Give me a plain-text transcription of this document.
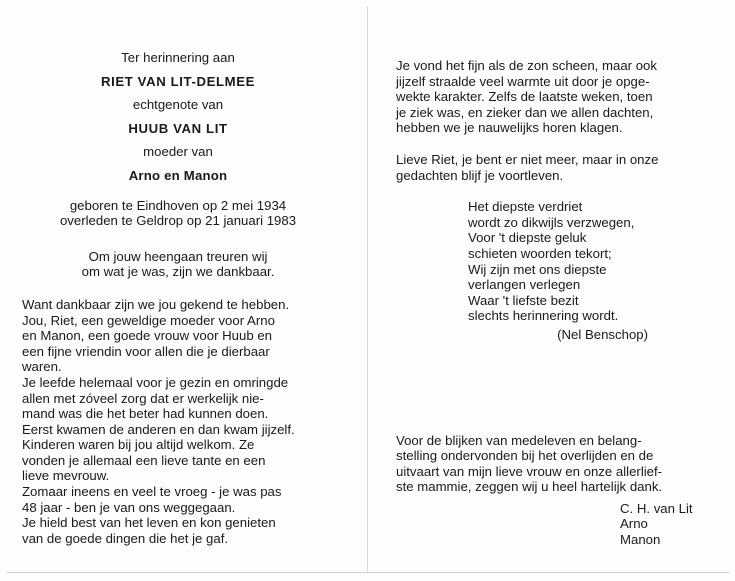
Ter herinnering aan
RIET VAN LIT-DELMEE
echtgenote van
HUUB VAN LIT
moeder van
Arno en Manon
geboren te Eindhoven op 2 mei 1934
overleden te Geldrop op 21 januari 1983
Om jouw heengaan treuren wij
om wat je was, zijn we dankbaar.
Want dankbaar zijn we jou gekend te hebben.
Jou, Riet, een geweldige moeder voor Arno
en Manon, een goede vrouw voor Huub en
een fijne vriendin voor allen die je dierbaar
waren.
Je leefde helemaal voor je gezin en omringde
allen met zóveel zorg dat er werkelijk nie-
mand was die het beter had kunnen doen.
Eerst kwamen de anderen en dan kwam jijzelf.
Kinderen waren bij jou altijd welkom. Ze
vonden je allemaal een lieve tante en een
lieve mevrouw.
Zomaar ineens en veel te vroeg - je was pas
48 jaar - ben je van ons weggegaan.
Je hield best van het leven en kon genieten
van de goede dingen die het je gaf.
Je vond het fijn als de zon scheen, maar ook
jijzelf straalde veel warmte uit door je opge-
wekte karakter. Zelfs de laatste weken, toen
je ziek was, en zieker dan we allen dachten,
hebben we je nauwelijks horen klagen.
Lieve Riet, je bent er niet meer, maar in onze
gedachten blijf je voortleven.
Het diepste verdriet
wordt zo dikwijls verzwegen,
Voor 't diepste geluk
schieten woorden tekort;
Wij zijn met ons diepste
verlangen verlegen
Waar 't liefste bezit
slechts herinnering wordt.
(Nel Benschop)
Voor de blijken van medeleven en belang-
stelling ondervonden bij het overlijden en de
uitvaart van mijn lieve vrouw en onze allerlief-
ste mammie, zeggen wij u heel hartelijk dank.
C. H. van Lit
Arno
Manon
